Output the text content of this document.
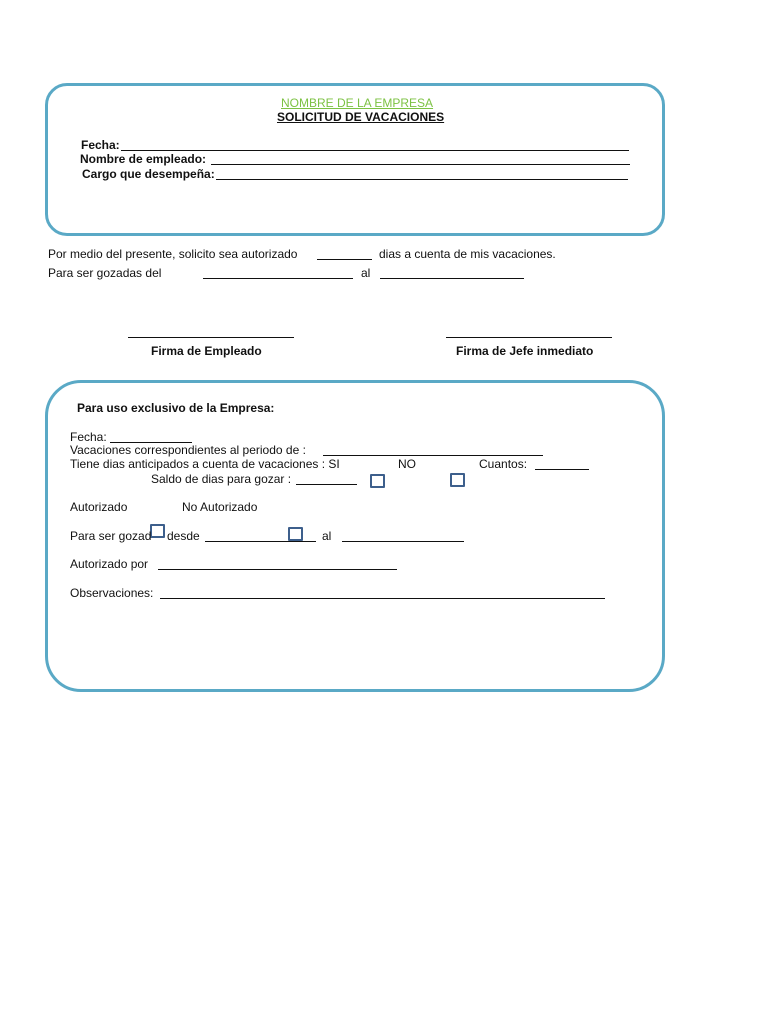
NOMBRE DE LA EMPRESA
SOLICITUD DE VACACIONES
Fecha:
Nombre de empleado:
Cargo que desempeña:
Por medio del presente, solicito sea autorizado	dias a cuenta de mis vacaciones.
Para ser gozadas del	al
Firma de Empleado	Firma de Jefe inmediato
Para uso exclusivo de la Empresa:
Fecha:
Vacaciones correspondientes al periodo de :
Tiene dias anticipados a cuenta de vacaciones : SI	NO	Cuantos:
Saldo de dias para gozar :
Autorizado	No Autorizado
Para ser gozad desde	al
Autorizado por
Observaciones:
